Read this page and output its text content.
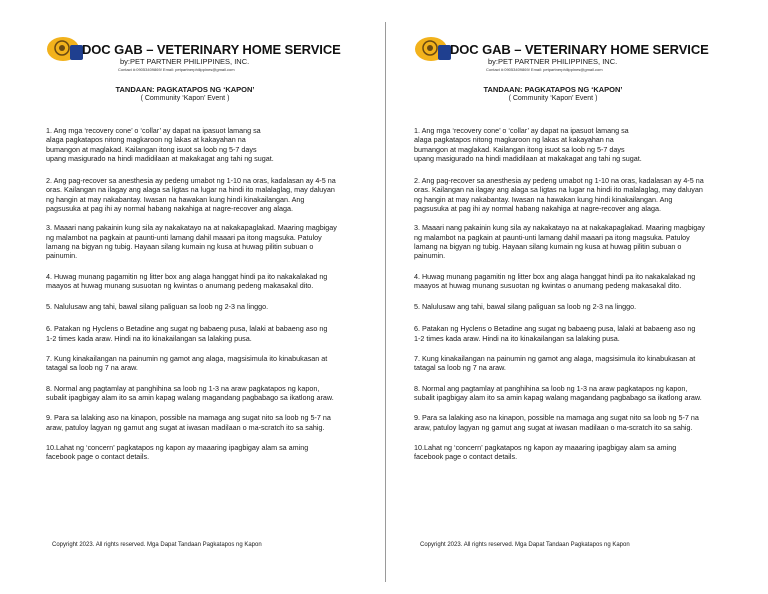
DOC GAB – VETERINARY HOME SERVICE
by:PET PARTNER PHILIPPINES, INC.
Contact #:09053409869/ Email: petpartnerphilippines@gmail.com
TANDAAN: PAGKATAPOS NG ‘KAPON’
( Community ‘Kapon’ Event )

1. Ang mga ‘recovery cone’ o ‘collar’ ay dapat na ipasuot lamang sa
alaga pagkatapos nitong magkaroon ng lakas at kakayahan na
bumangon at maglakad. Kailangan itong isuot sa loob ng 5-7 days
upang masigurado na hindi madidilaan at makakagat ang tahi ng sugat.

2. Ang pag-recover sa anesthesia ay pedeng umabot ng 1-10 na oras, kadalasan ay 4-5 na
oras. Kailangan na ilagay ang alaga sa ligtas na lugar na hindi ito malalaglag, may daluyan
ng hangin at may nakabantay. Iwasan na hawakan kung hindi kinakailangan. Ang
pagsusuka at pag ihi ay normal habang nakahiga at nagre-recover ang alaga.

3. Maaari nang pakainin kung sila ay nakakatayo na at nakakapaglakad. Maaring magbigay
ng malambot na pagkain at paunti-unti lamang dahil maaari pa itong magsuka. Patuloy
lamang na bigyan ng tubig. Hayaan silang kumain ng kusa at huwag pilitin subuan o
painumin.

4. Huwag munang pagamitin ng litter box ang alaga hanggat hindi pa ito nakakalakad ng
maayos at huwag munang susuotan ng kwintas o anumang pedeng makasakal dito.

5. Nalulusaw ang tahi, bawal silang paliguan sa loob ng 2-3 na linggo.

6. Patakan ng Hyclens o Betadine ang sugat ng babaeng pusa, lalaki at babaeng aso ng
1-2 times kada araw. Hindi na ito kinakailangan sa lalaking pusa.

7. Kung kinakailangan na painumin ng gamot ang alaga, magsisimula ito kinabukasan at
tatagal sa loob ng 7 na araw.

8. Normal ang pagtamlay at panghihina sa loob ng 1-3 na araw pagkatapos ng kapon,
subalit ipagbigay alam ito sa amin kapag walang magandang pagbabago sa ikatlong araw.

9. Para sa lalaking aso na kinapon, possible na mamaga ang sugat nito sa loob ng 5-7 na
araw, patuloy lagyan ng gamut ang sugat at iwasan madilaan o ma-scratch ito sa sahig.

10.Lahat ng ‘concern’ pagkatapos ng kapon ay maaaring ipagbigay alam sa aming
facebook page o contact details.

Copyright 2023. All rights reserved. Mga Dapat Tandaan Pagkatapos ng Kapon
DOC GAB – VETERINARY HOME SERVICE
by:PET PARTNER PHILIPPINES, INC.
Contact #:09053409869/ Email: petpartnerphilippines@gmail.com
TANDAAN: PAGKATAPOS NG ‘KAPON’
( Community ‘Kapon’ Event )

1. Ang mga ‘recovery cone’ o ‘collar’ ay dapat na ipasuot lamang sa
alaga pagkatapos nitong magkaroon ng lakas at kakayahan na
bumangon at maglakad. Kailangan itong isuot sa loob ng 5-7 days
upang masigurado na hindi madidilaan at makakagat ang tahi ng sugat.

2. Ang pag-recover sa anesthesia ay pedeng umabot ng 1-10 na oras, kadalasan ay 4-5 na
oras. Kailangan na ilagay ang alaga sa ligtas na lugar na hindi ito malalaglag, may daluyan
ng hangin at may nakabantay. Iwasan na hawakan kung hindi kinakailangan. Ang
pagsusuka at pag ihi ay normal habang nakahiga at nagre-recover ang alaga.

3. Maaari nang pakainin kung sila ay nakakatayo na at nakakapaglakad. Maaring magbigay
ng malambot na pagkain at paunti-unti lamang dahil maaari pa itong magsuka. Patuloy
lamang na bigyan ng tubig. Hayaan silang kumain ng kusa at huwag pilitin subuan o
painumin.

4. Huwag munang pagamitin ng litter box ang alaga hanggat hindi pa ito nakakalakad ng
maayos at huwag munang susuotan ng kwintas o anumang pedeng makasakal dito.

5. Nalulusaw ang tahi, bawal silang paliguan sa loob ng 2-3 na linggo.

6. Patakan ng Hyclens o Betadine ang sugat ng babaeng pusa, lalaki at babaeng aso ng
1-2 times kada araw. Hindi na ito kinakailangan sa lalaking pusa.

7. Kung kinakailangan na painumin ng gamot ang alaga, magsisimula ito kinabukasan at
tatagal sa loob ng 7 na araw.

8. Normal ang pagtamlay at panghihina sa loob ng 1-3 na araw pagkatapos ng kapon,
subalit ipagbigay alam ito sa amin kapag walang magandang pagbabago sa ikatlong araw.

9. Para sa lalaking aso na kinapon, possible na mamaga ang sugat nito sa loob ng 5-7 na
araw, patuloy lagyan ng gamut ang sugat at iwasan madilaan o ma-scratch ito sa sahig.

10.Lahat ng ‘concern’ pagkatapos ng kapon ay maaaring ipagbigay alam sa aming
facebook page o contact details.

Copyright 2023. All rights reserved. Mga Dapat Tandaan Pagkatapos ng Kapon
